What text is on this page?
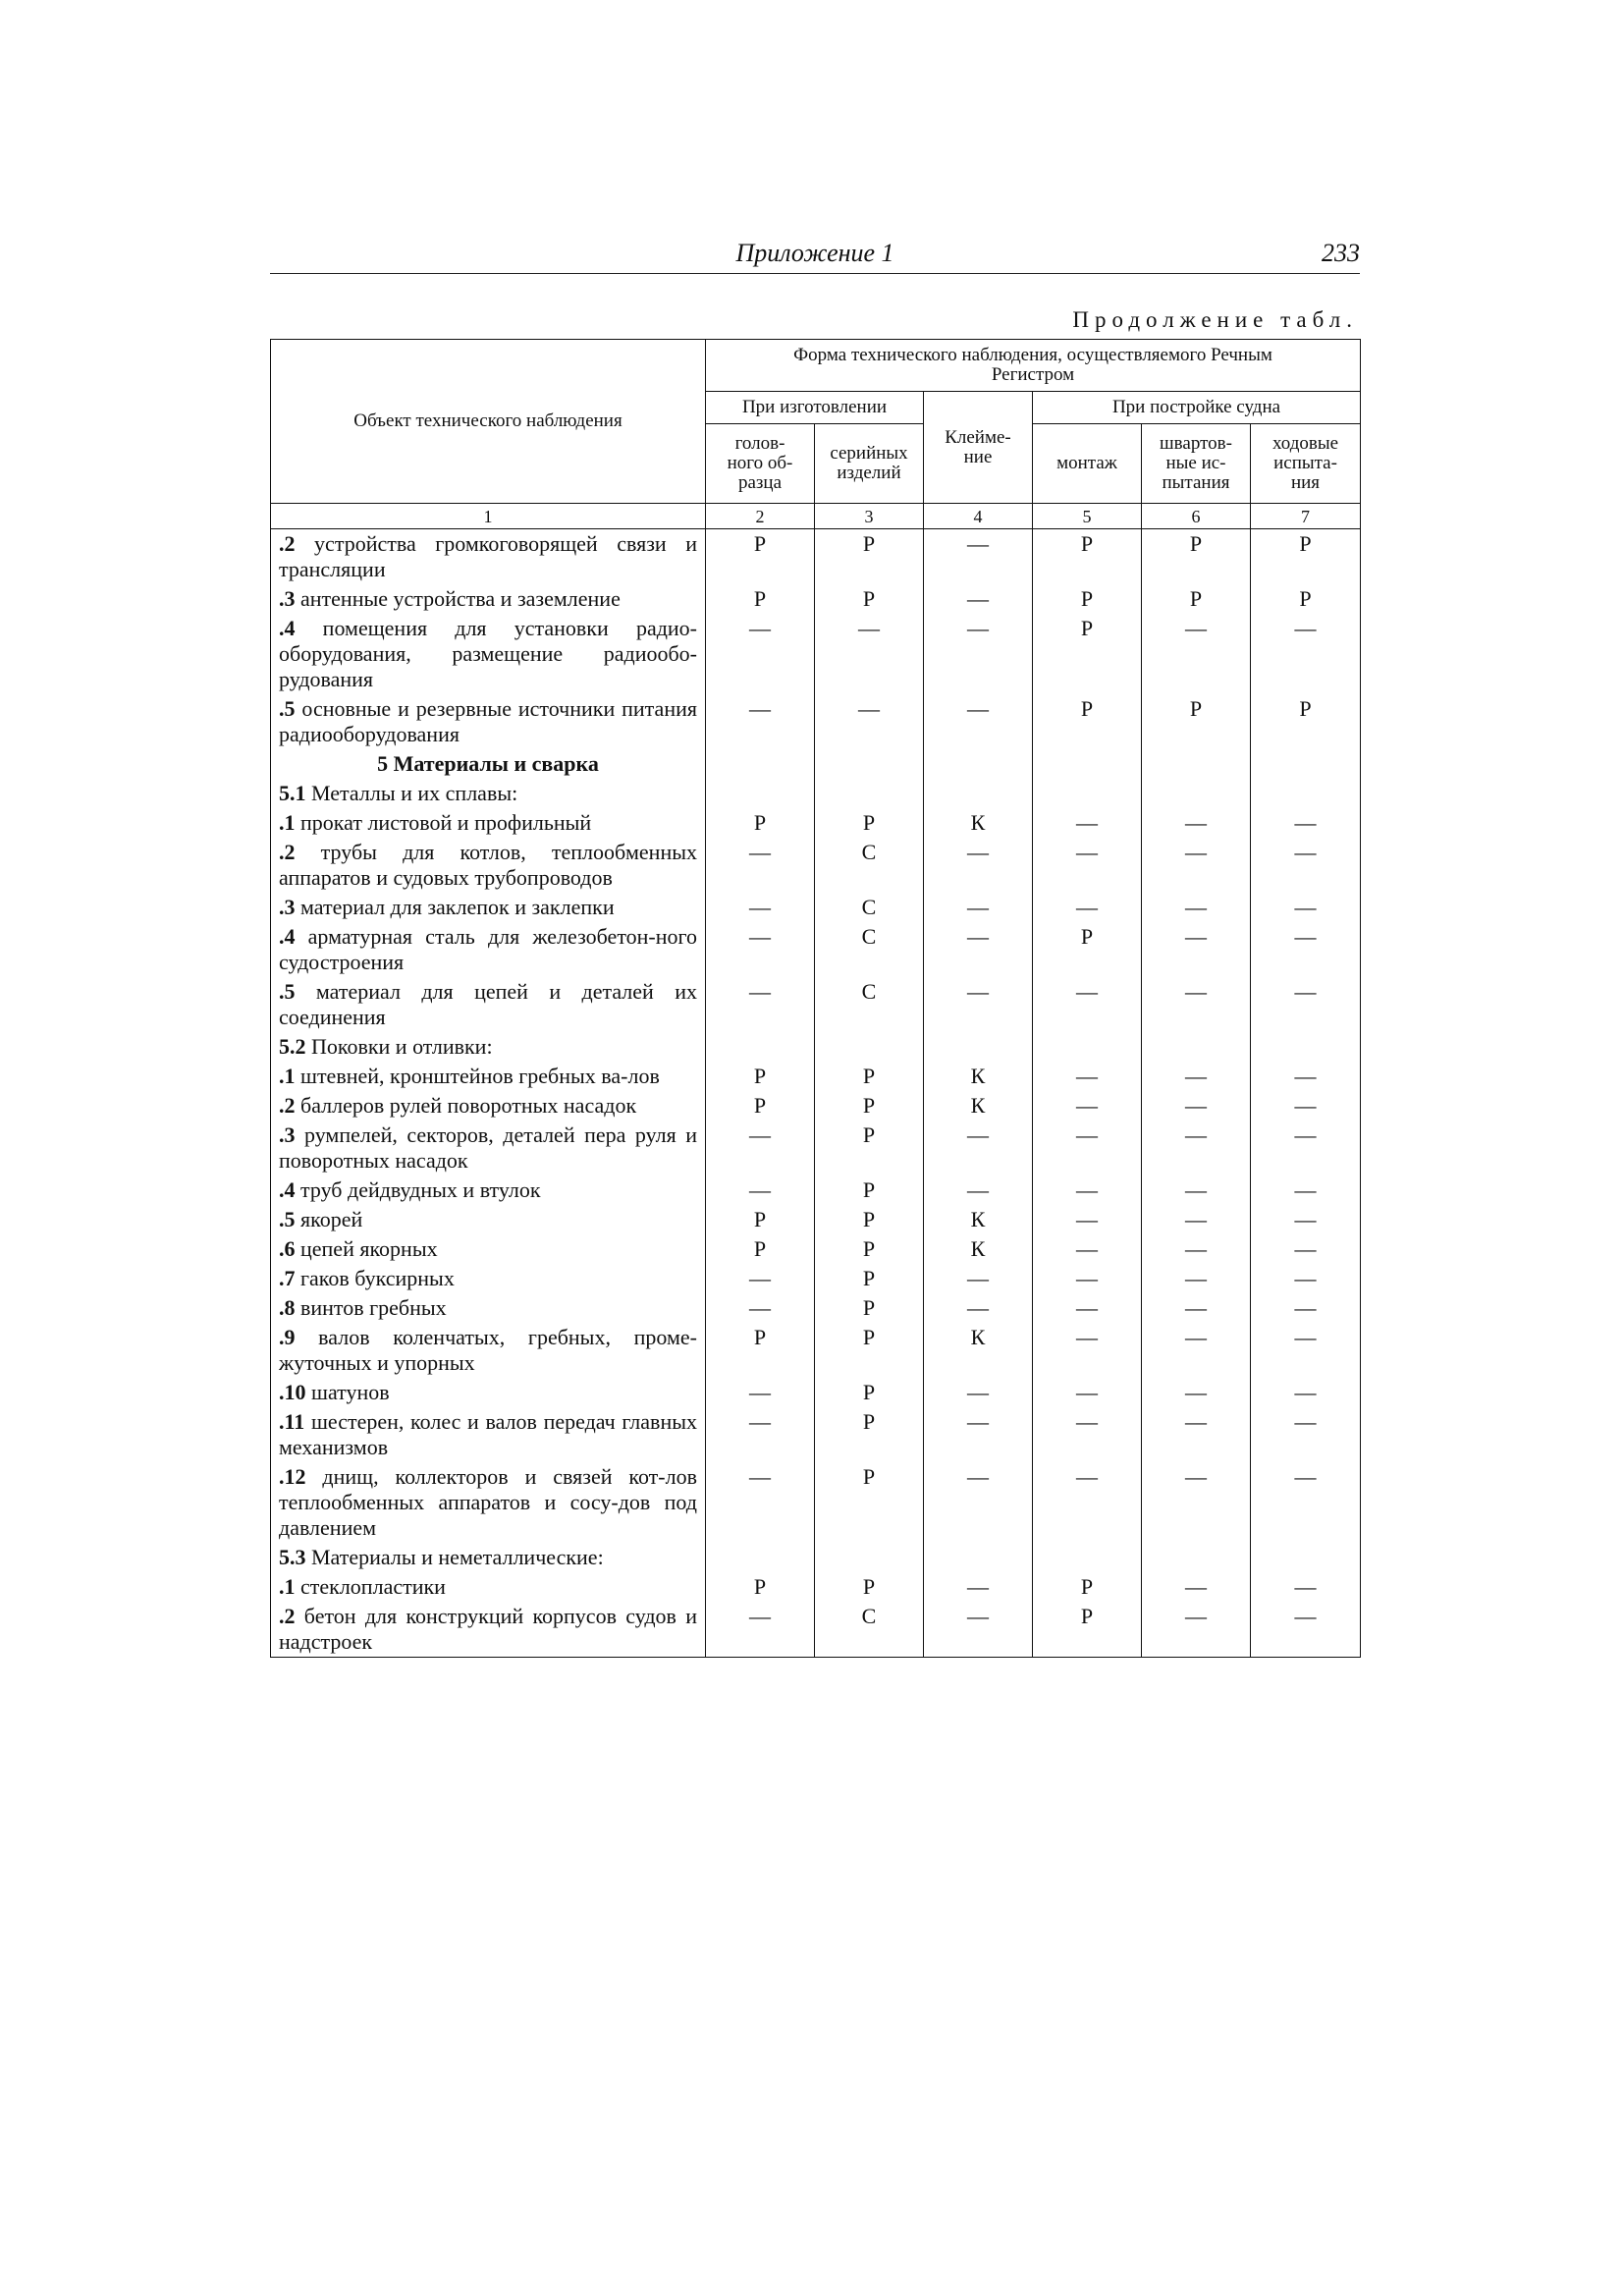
Приложение 1	233
Продолжение табл.
Объект технического наблюдения	Форма технического наблюдения, осуществляемого Речным Регистром					

	При изготовлении		Клейме-ние	При постройке судна		

	голов-ного об-разца	серийных изделий		монтаж	швартов-ные ис-пытания	ходовые испыта-ния

1	2	3	4	5	6	7
.2 устройства громкоговорящей связи и трансляции	Р	Р	—	Р	Р	Р
.3 антенные устройства и заземление	Р	Р	—	Р	Р	Р
.4 помещения для установки радио-оборудования, размещение радиообо-рудования	—	—	—	Р	—	—
.5 основные и резервные источники питания радиооборудования	—	—	—	Р	Р	Р
5 Материалы и сварка						
5.1 Металлы и их сплавы:						
.1 прокат листовой и профильный	Р	Р	К	—	—	—
.2 трубы для котлов, теплообменных аппаратов и судовых трубопроводов	—	С	—	—	—	—
.3 материал для заклепок и заклепки	—	С	—	—	—	—
.4 арматурная сталь для железобетон-ного судостроения	—	С	—	Р	—	—
.5 материал для цепей и деталей их соединения	—	С	—	—	—	—
5.2 Поковки и отливки:						
.1 штевней, кронштейнов гребных ва-лов	Р	Р	К	—	—	—
.2 баллеров рулей поворотных насадок	Р	Р	К	—	—	—
.3 румпелей, секторов, деталей пера руля и поворотных насадок	—	Р	—	—	—	—
.4 труб дейдвудных и втулок	—	Р	—	—	—	—
.5 якорей	Р	Р	К	—	—	—
.6 цепей якорных	Р	Р	К	—	—	—
.7 гаков буксирных	—	Р	—	—	—	—
.8 винтов гребных	—	Р	—	—	—	—
.9 валов коленчатых, гребных, проме-жуточных и упорных	Р	Р	К	—	—	—
.10 шатунов	—	Р	—	—	—	—
.11 шестерен, колес и валов передач главных механизмов	—	Р	—	—	—	—
.12 днищ, коллекторов и связей кот-лов теплообменных аппаратов и сосу-дов под давлением	—	Р	—	—	—	—
5.3 Материалы и неметаллические:						
.1 стеклопластики	Р	Р	—	Р	—	—
.2 бетон для конструкций корпусов судов и надстроек	—	С	—	Р	—	—
